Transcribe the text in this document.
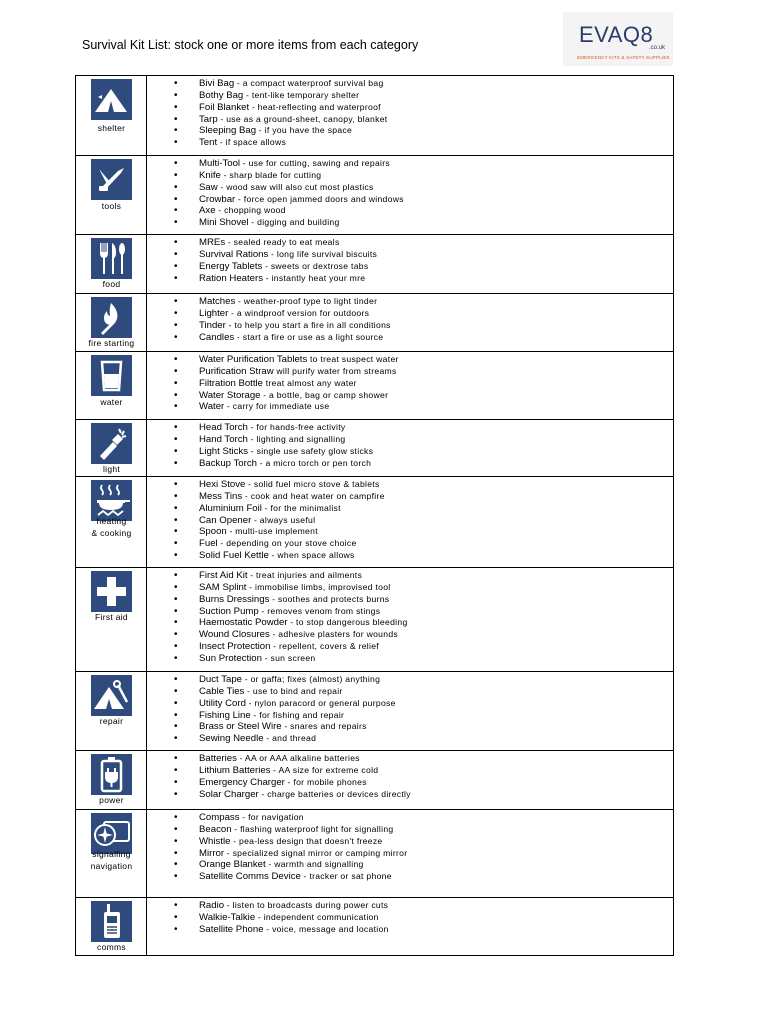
Survival Kit List: stock one or more items from each category	EVAQ8
.co.uk
EMERGENCY KITS & SAFETY SUPPLIES
shelter
• Bivi Bag - a compact waterproof survival bag
• Bothy Bag - tent-like temporary shelter
• Foil Blanket - heat-reflecting and waterproof
• Tarp - use as a ground-sheet, canopy, blanket
• Sleeping Bag - if you have the space
• Tent - if space allows
tools
• Multi-Tool - use for cutting, sawing and repairs
• Knife - sharp blade for cutting
• Saw - wood saw will also cut most plastics
• Crowbar - force open jammed doors and windows
• Axe - chopping wood
• Mini Shovel - digging and building
food
• MREs - sealed ready to eat meals
• Survival Rations - long life survival biscuits
• Energy Tablets - sweets or dextrose tabs
• Ration Heaters - instantly heat your mre
fire starting
• Matches - weather-proof type to light tinder
• Lighter - a windproof version for outdoors
• Tinder - to help you start a fire in all conditions
• Candles - start a fire or use as a light source
water
• Water Purification Tablets to treat suspect water
• Purification Straw will purify water from streams
• Filtration Bottle treat almost any water
• Water Storage - a bottle, bag or camp shower
• Water - carry for immediate use
light
• Head Torch - for hands-free activity
• Hand Torch - lighting and signalling
• Light Sticks - single use safety glow sticks
• Backup Torch - a micro torch or pen torch
heating
& cooking
• Hexi Stove - solid fuel micro stove & tablets
• Mess Tins - cook and heat water on campfire
• Aluminium Foil - for the minimalist
• Can Opener - always useful
• Spoon - multi-use implement
• Fuel - depending on your stove choice
• Solid Fuel Kettle - when space allows
First aid
• First Aid Kit - treat injuries and ailments
• SAM Splint - immobilise limbs, improvised tool
• Burns Dressings - soothes and protects burns
• Suction Pump - removes venom from stings
• Haemostatic Powder - to stop dangerous bleeding
• Wound Closures - adhesive plasters for wounds
• Insect Protection - repellent, covers & relief
• Sun Protection - sun screen
repair
• Duct Tape - or gaffa; fixes (almost) anything
• Cable Ties - use to bind and repair
• Utility Cord - nylon paracord or general purpose
• Fishing Line - for fishing and repair
• Brass or Steel Wire - snares and repairs
• Sewing Needle - and thread
power
• Batteries - AA or AAA alkaline batteries
• Lithium Batteries - AA size for extreme cold
• Emergency Charger - for mobile phones
• Solar Charger - charge batteries or devices directly
signalling
navigation
• Compass - for navigation
• Beacon - flashing waterproof light for signalling
• Whistle - pea-less design that doesn't freeze
• Mirror - specialized signal mirror or camping mirror
• Orange Blanket - warmth and signalling
• Satellite Comms Device - tracker or sat phone
comms
• Radio - listen to broadcasts during power cuts
• Walkie-Talkie - independent communication
• Satellite Phone - voice, message and location
